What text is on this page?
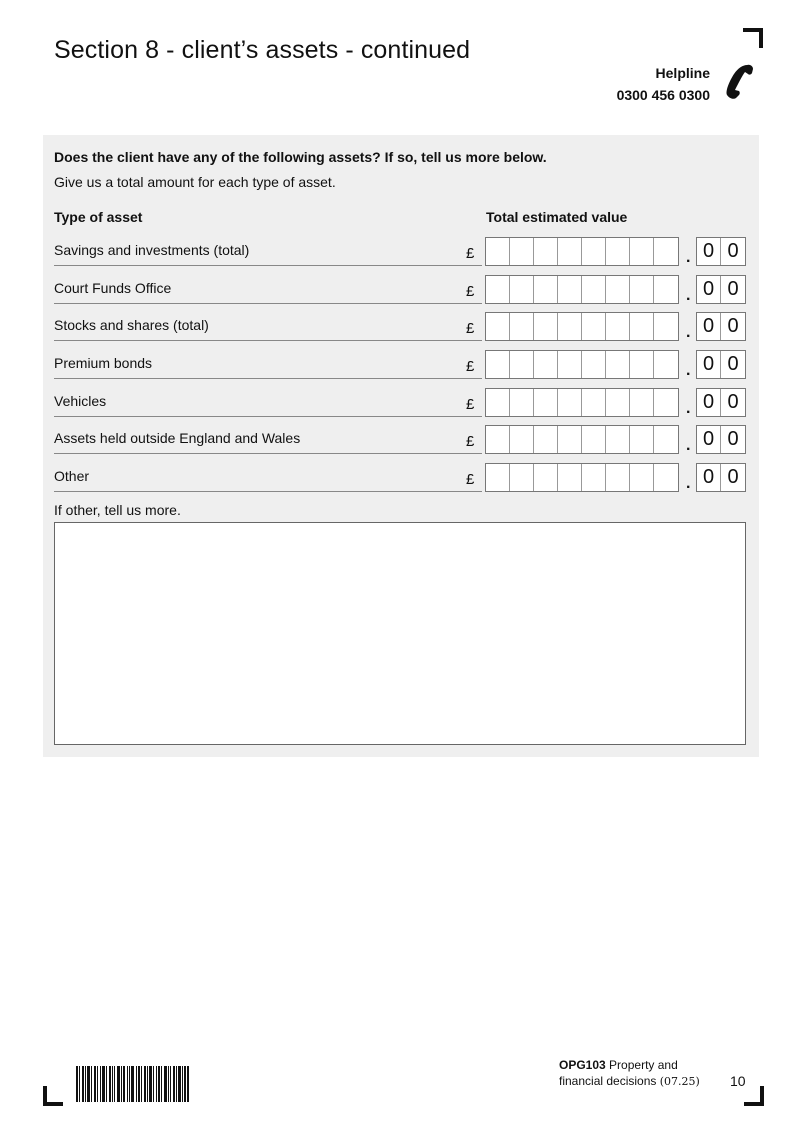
Section 8 - client’s assets - continued
Helpline
0300 456 0300
Does the client have any of the following assets? If so, tell us more below.
Give us a total amount for each type of asset.
Type of asset	Total estimated value
Savings and investments (total)	£	. 0 0
Court Funds Office	£	. 0 0
Stocks and shares (total)	£	. 0 0
Premium bonds	£	. 0 0
Vehicles	£	. 0 0
Assets held outside England and Wales	£	. 0 0
Other	£	. 0 0
If other, tell us more.
OPG103 Property and
financial decisions (07.25) 10
